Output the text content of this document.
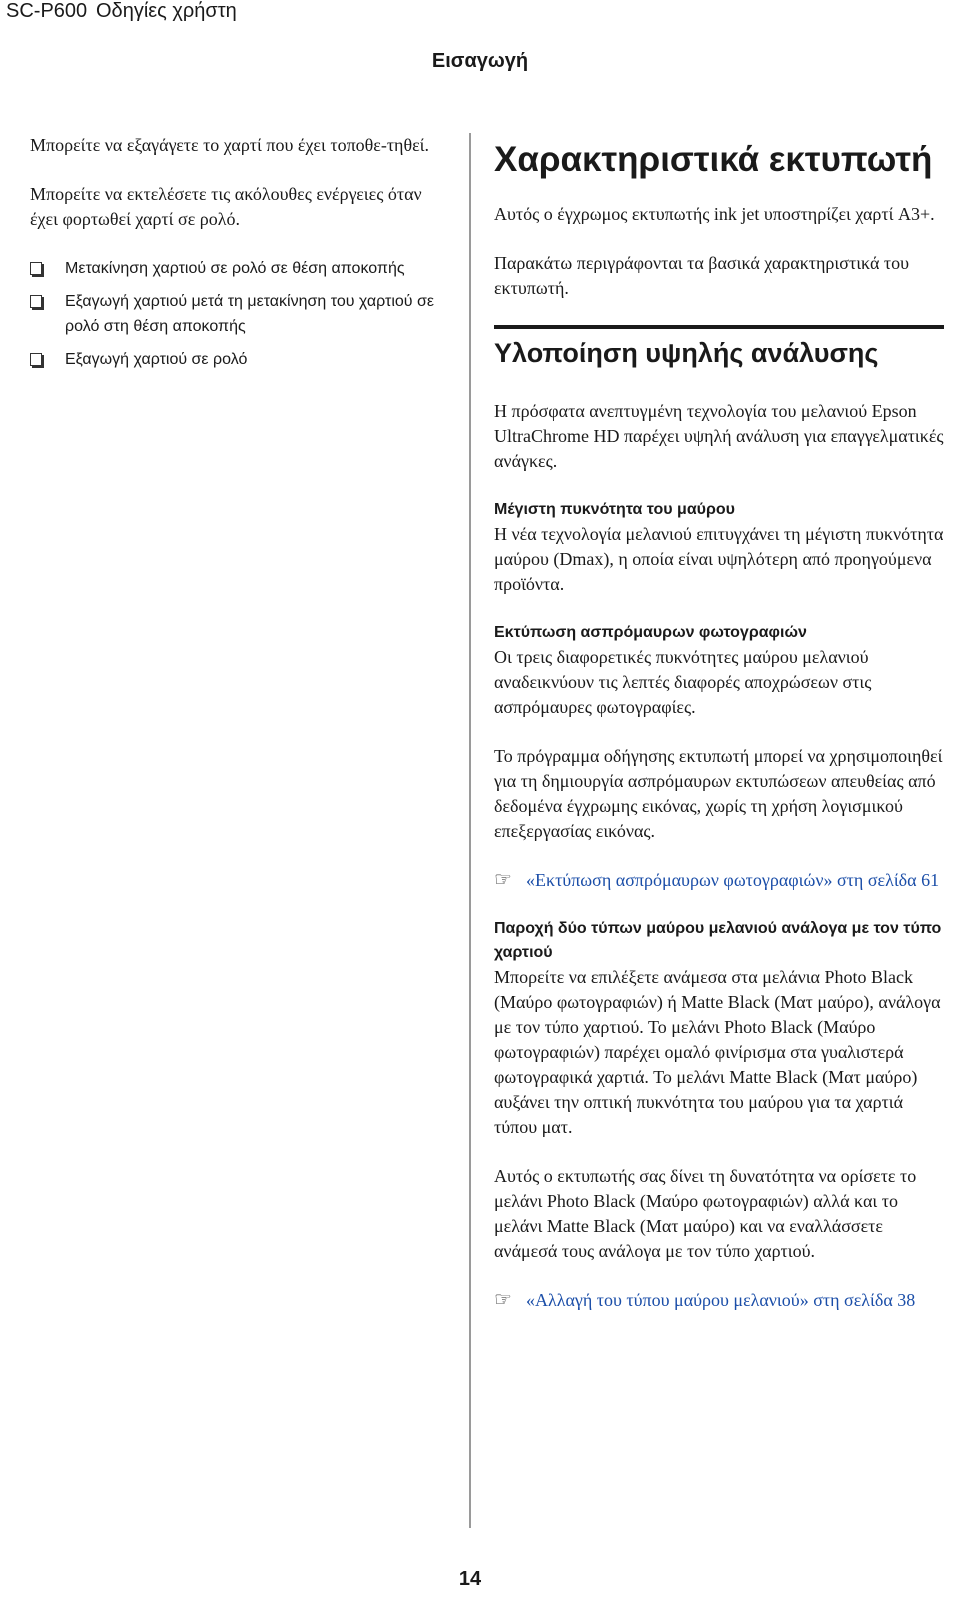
SC-P600 Οδηγίες χρήστη
Εισαγωγή

Μπορείτε να εξαγάγετε το χαρτί που έχει τοποθε-τηθεί.

Μπορείτε να εκτελέσετε τις ακόλουθες ενέργειες όταν έχει φορτωθεί χαρτί σε ρολό.

Μετακίνηση χαρτιού σε ρολό σε θέση αποκοπής
Εξαγωγή χαρτιού μετά τη μετακίνηση του χαρτιού σε ρολό στη θέση αποκοπής
Εξαγωγή χαρτιού σε ρολό
Χαρακτηριστικά εκτυπωτή

Αυτός ο έγχρωμος εκτυπωτής ink jet υποστηρίζει χαρτί A3+.

Παρακάτω περιγράφονται τα βασικά χαρακτηριστικά του εκτυπωτή.

Υλοποίηση υψηλής ανάλυσης

Η πρόσφατα ανεπτυγμένη τεχνολογία του μελανιού Epson UltraChrome HD παρέχει υψηλή ανάλυση για επαγγελματικές ανάγκες.

Μέγιστη πυκνότητα του μαύρου

Η νέα τεχνολογία μελανιού επιτυγχάνει τη μέγιστη πυκνότητα μαύρου (Dmax), η οποία είναι υψηλότερη από προηγούμενα προϊόντα.

Εκτύπωση ασπρόμαυρων φωτογραφιών

Οι τρεις διαφορετικές πυκνότητες μαύρου μελανιού αναδεικνύουν τις λεπτές διαφορές αποχρώσεων στις ασπρόμαυρες φωτογραφίες.

Το πρόγραμμα οδήγησης εκτυπωτή μπορεί να χρησιμοποιηθεί για τη δημιουργία ασπρόμαυρων εκτυπώσεων απευθείας από δεδομένα έγχρωμης εικόνας, χωρίς τη χρήση λογισμικού επεξεργασίας εικόνας.

☞ «Εκτύπωση ασπρόμαυρων φωτογραφιών» στη σελίδα 61

Παροχή δύο τύπων μαύρου μελανιού ανάλογα με τον τύπο χαρτιού

Μπορείτε να επιλέξετε ανάμεσα στα μελάνια Photo Black (Μαύρο φωτογραφιών) ή Matte Black (Ματ μαύρο), ανάλογα με τον τύπο χαρτιού. Το μελάνι Photo Black (Μαύρο φωτογραφιών) παρέχει ομαλό φινίρισμα στα γυαλιστερά φωτογραφικά χαρτιά. Το μελάνι Matte Black (Ματ μαύρο) αυξάνει την οπτική πυκνότητα του μαύρου για τα χαρτιά τύπου ματ.

Αυτός ο εκτυπωτής σας δίνει τη δυνατότητα να ορίσετε το μελάνι Photo Black (Μαύρο φωτογραφιών) αλλά και το μελάνι Matte Black (Ματ μαύρο) και να εναλλάσσετε ανάμεσά τους ανάλογα με τον τύπο χαρτιού.

☞ «Αλλαγή του τύπου μαύρου μελανιού» στη σελίδα 38

14
